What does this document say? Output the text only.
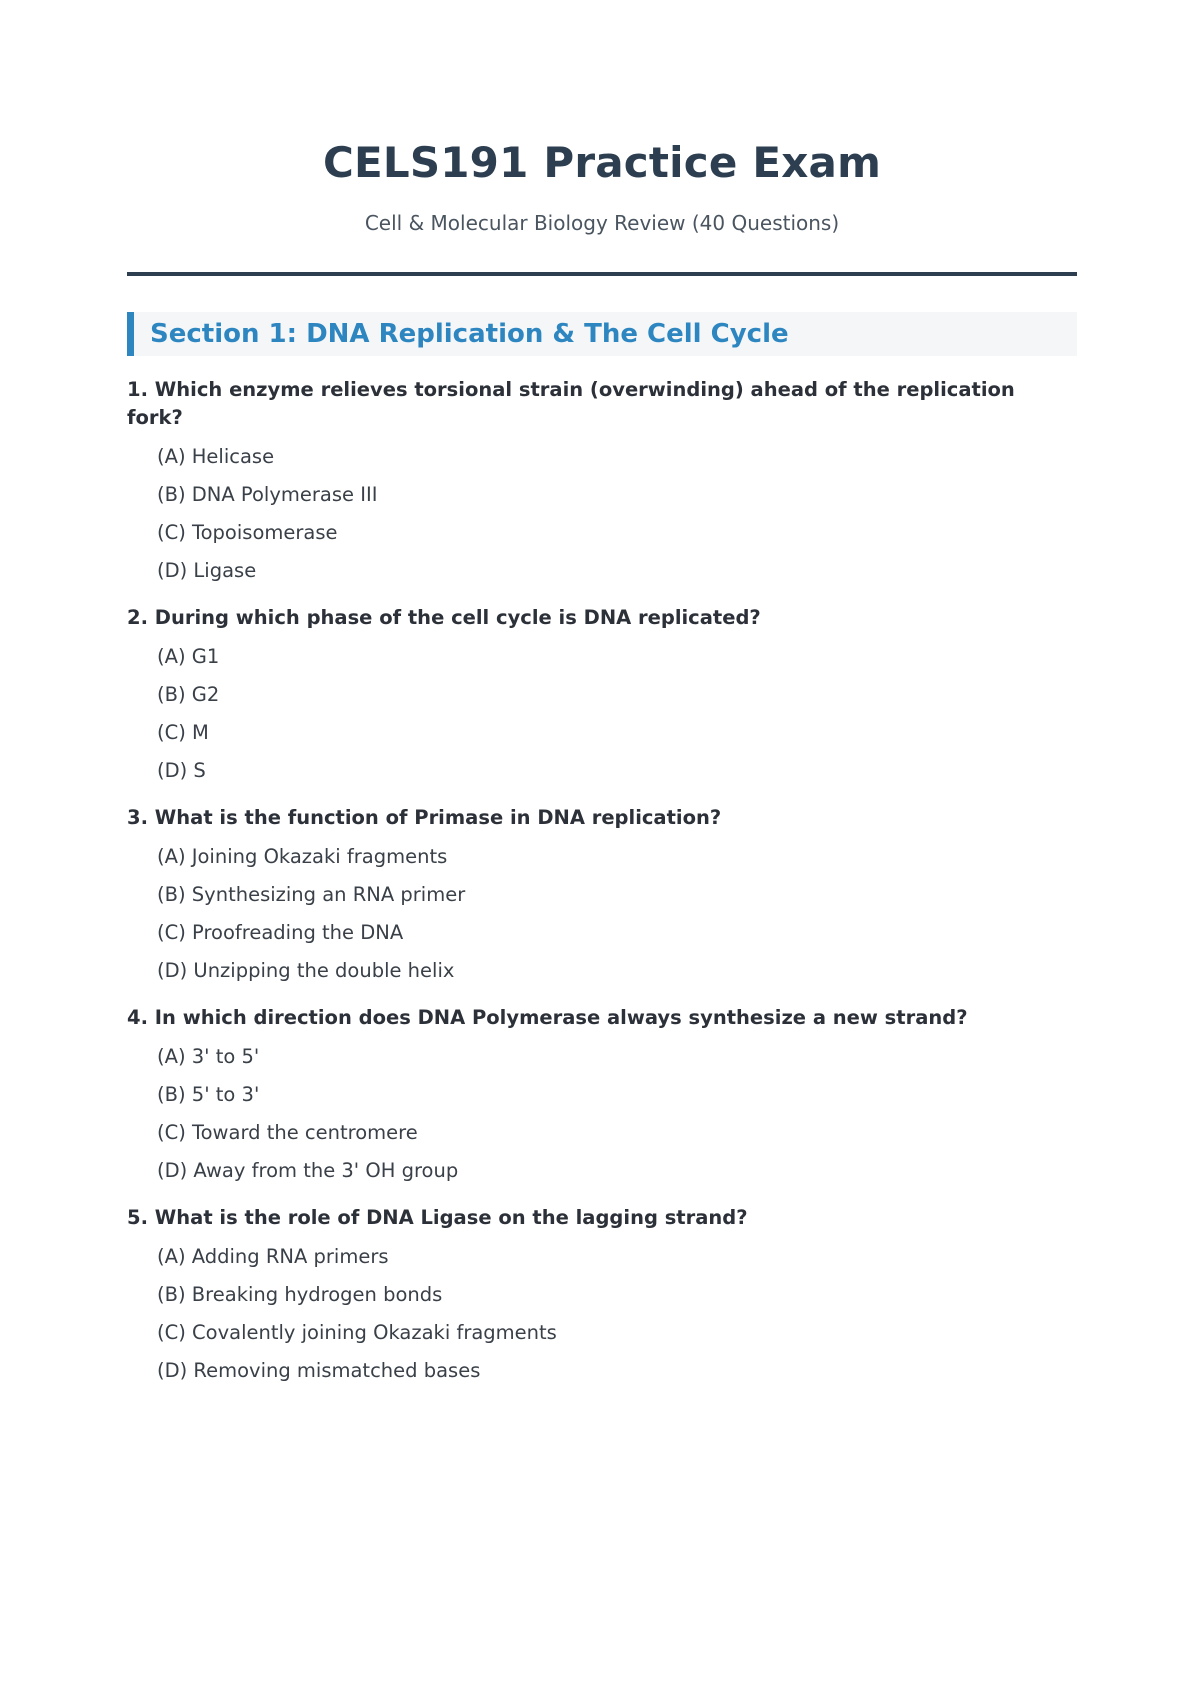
CELS191 Practice Exam

Cell & Molecular Biology Review (40 Questions)

Section 1: DNA Replication & The Cell Cycle
1. Which enzyme relieves torsional strain (overwinding) ahead of the replication fork?
(A) Helicase
(B) DNA Polymerase III
(C) Topoisomerase
(D) Ligase
2. During which phase of the cell cycle is DNA replicated?
(A) G1
(B) G2
(C) M
(D) S
3. What is the function of Primase in DNA replication?
(A) Joining Okazaki fragments
(B) Synthesizing an RNA primer
(C) Proofreading the DNA
(D) Unzipping the double helix
4. In which direction does DNA Polymerase always synthesize a new strand?
(A) 3' to 5'
(B) 5' to 3'
(C) Toward the centromere
(D) Away from the 3' OH group
5. What is the role of DNA Ligase on the lagging strand?
(A) Adding RNA primers
(B) Breaking hydrogen bonds
(C) Covalently joining Okazaki fragments
(D) Removing mismatched bases
